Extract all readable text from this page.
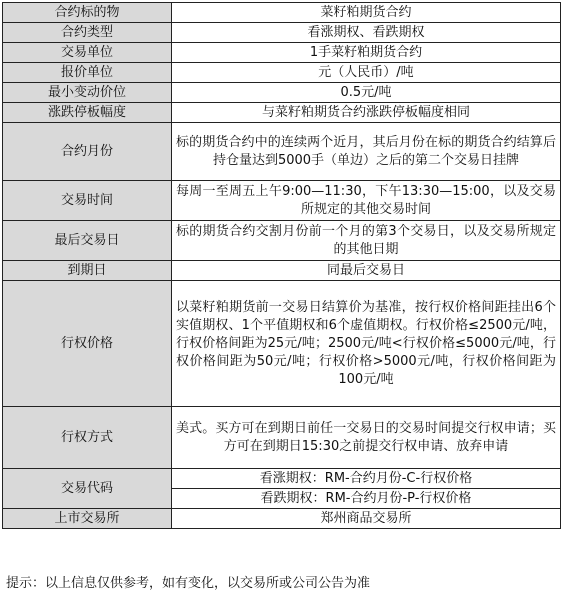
合约标的物	菜籽粕期货合约
合约类型	看涨期权、看跌期权
交易单位	1手菜籽粕期货合约
报价单位	元（人民币）/吨
最小变动价位	0.5元/吨
涨跌停板幅度	与菜籽粕期货合约涨跌停板幅度相同
合约月份	标的期货合约中的连续两个近月，其后月份在标的期货合约结算后持仓量达到5000手（单边）之后的第二个交易日挂牌
交易时间	每周一至周五上午9:00—11:30，下午13:30—15:00，以及交易所规定的其他交易时间
最后交易日	标的期货合约交割月份前一个月的第3个交易日，以及交易所规定的其他日期
到期日	同最后交易日
行权价格	以菜籽粕期货前一交易日结算价为基准，按行权价格间距挂出6个实值期权、1个平值期权和6个虚值期权。行权价格≤2500元/吨，行权价格间距为25元/吨；2500元/吨<行权价格≤5000元/吨，行权价格间距为50元/吨；行权价格>5000元/吨，行权价格间距为100元/吨
行权方式	美式。买方可在到期日前任一交易日的交易时间提交行权申请；买方可在到期日15:30之前提交行权申请、放弃申请
交易代码	看涨期权：RM-合约月份-C-行权价格
	看跌期权：RM-合约月份-P-行权价格
上市交易所	郑州商品交易所
提示：以上信息仅供参考，如有变化，以交易所或公司公告为准
